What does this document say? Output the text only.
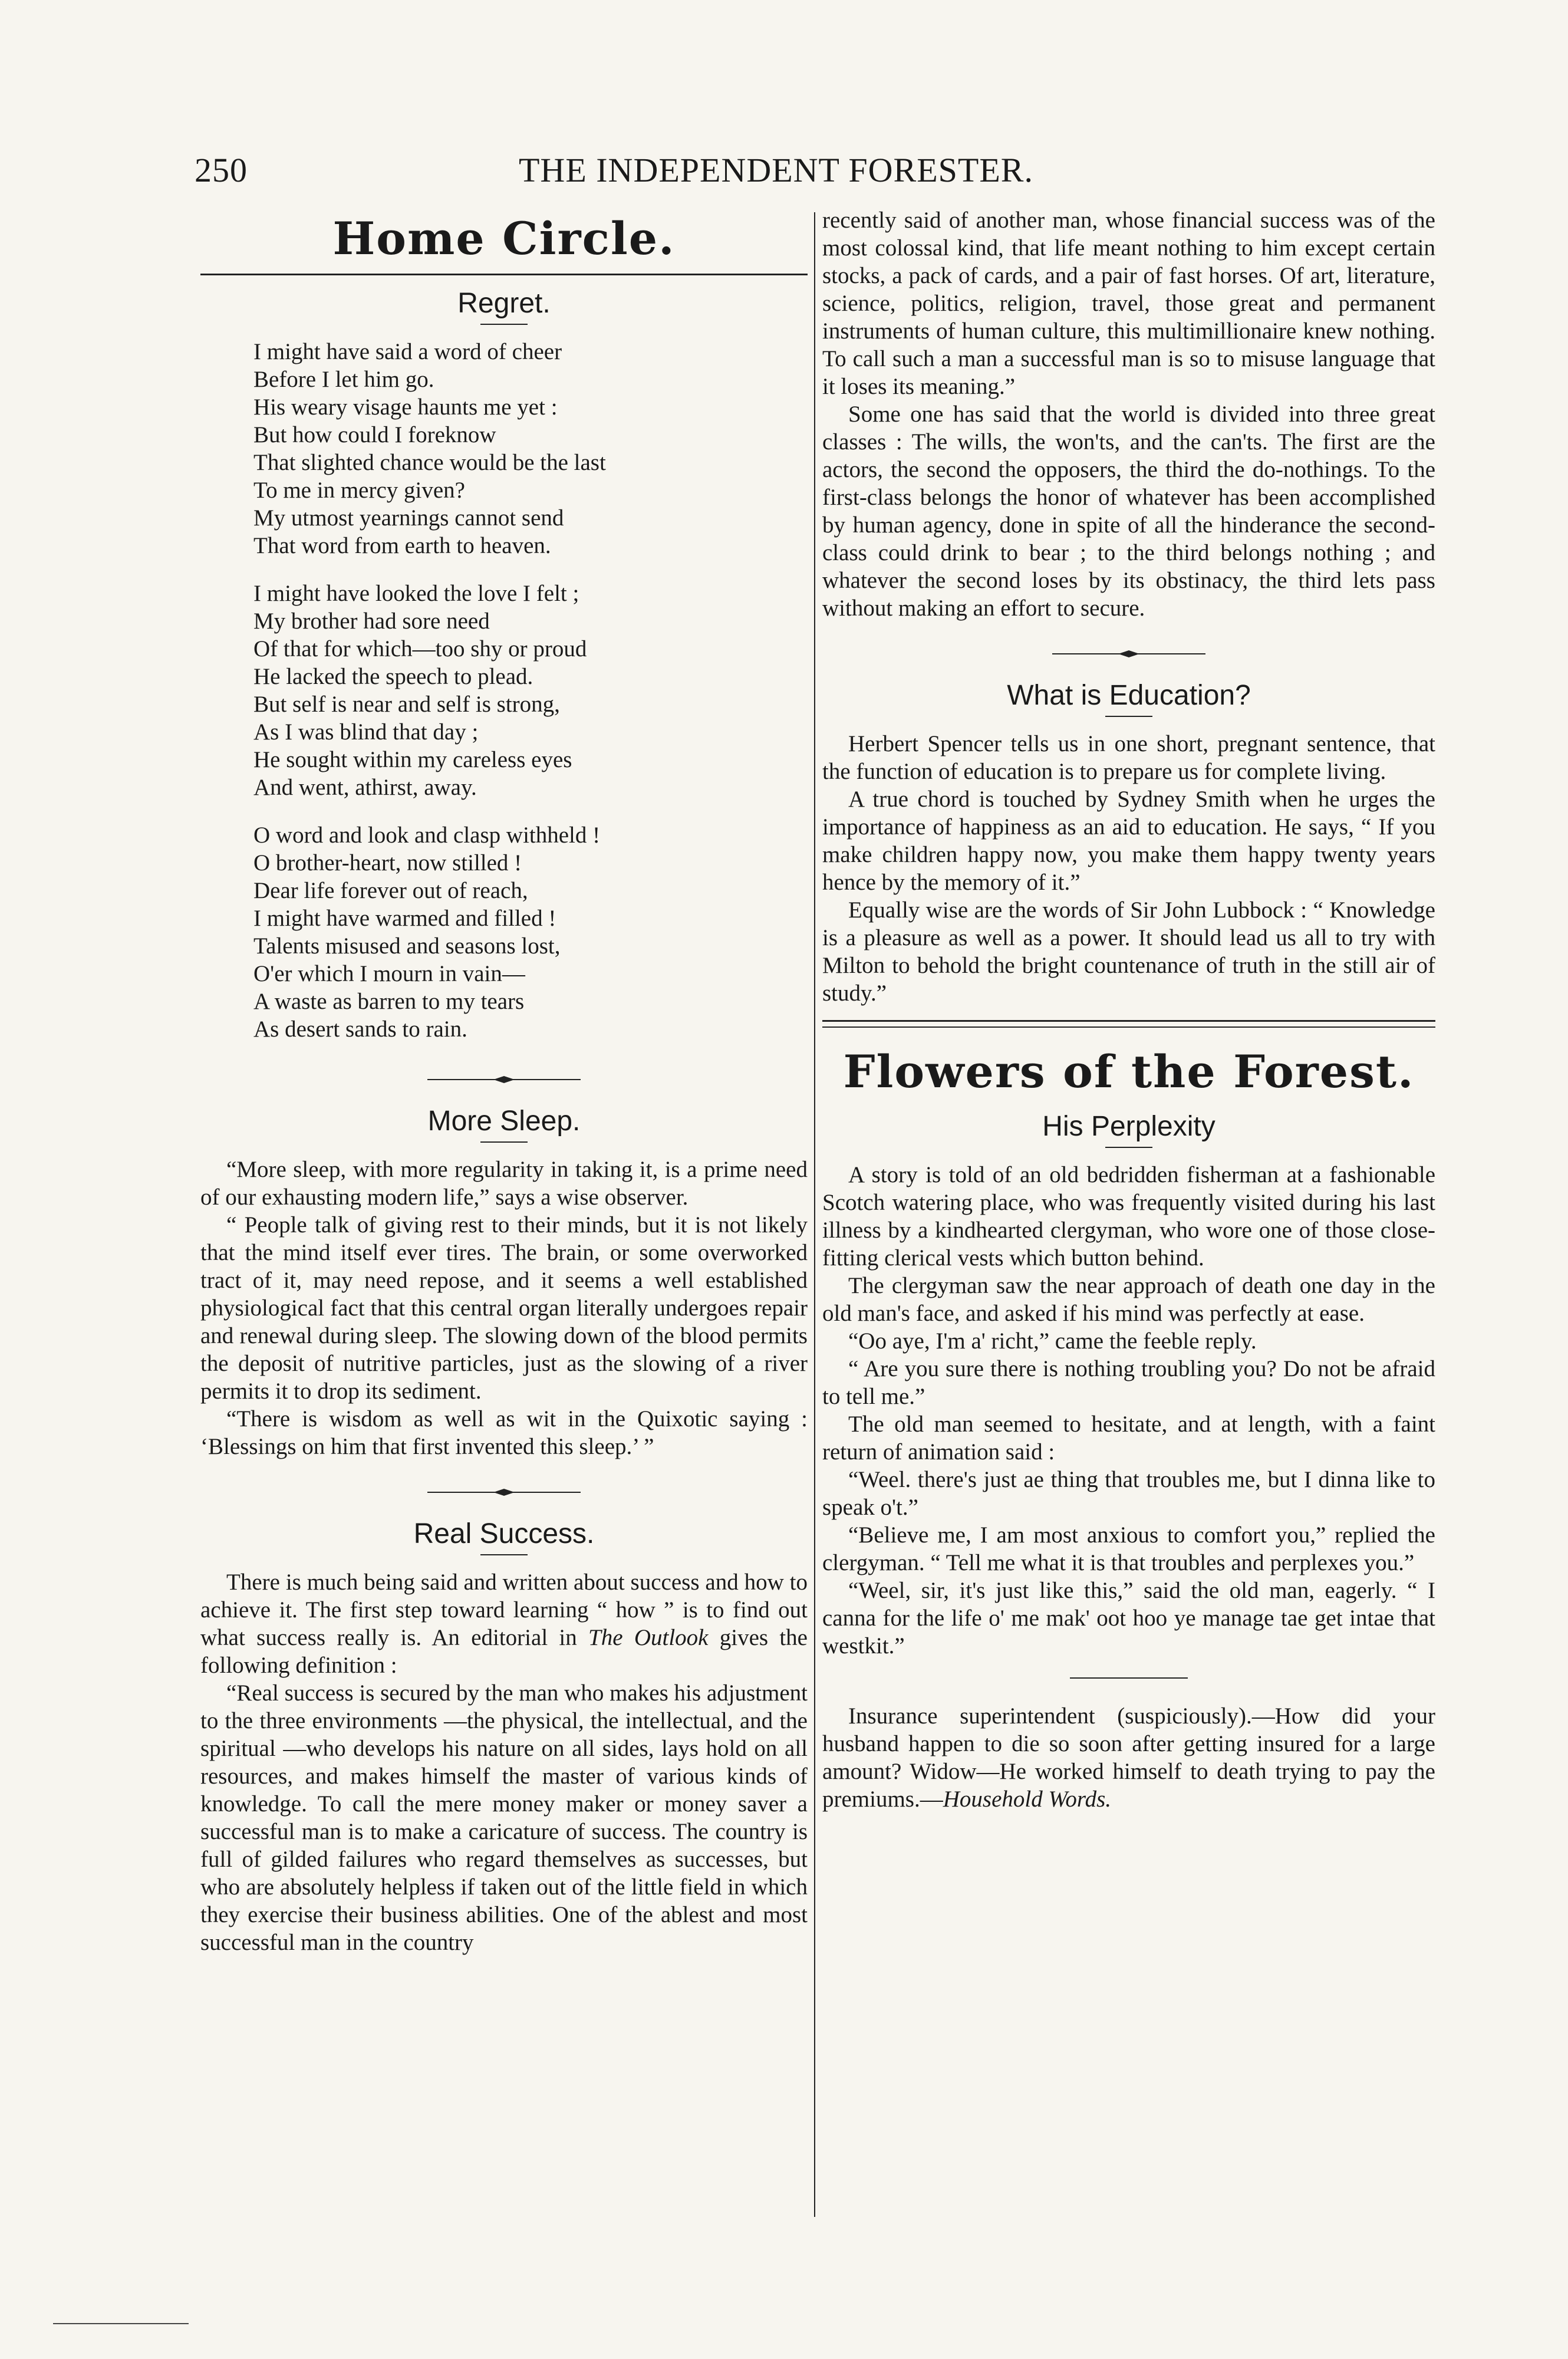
250	THE INDEPENDENT FORESTER.
Home Circle.
Regret.
I might have said a word of cheer
Before I let him go.
His weary visage haunts me yet :
But how could I foreknow
That slighted chance would be the last
To me in mercy given?
My utmost yearnings cannot send
That word from earth to heaven.
I might have looked the love I felt ;
My brother had sore need
Of that for which—too shy or proud
He lacked the speech to plead.
But self is near and self is strong,
As I was blind that day ;
He sought within my careless eyes
And went, athirst, away.
O word and look and clasp withheld !
O brother-heart, now stilled !
Dear life forever out of reach,
I might have warmed and filled !
Talents misused and seasons lost,
O'er which I mourn in vain—
A waste as barren to my tears
As desert sands to rain.
More Sleep.

“More sleep, with more regularity in taking it, is a prime need of our exhausting modern life,” says a wise observer.

“ People talk of giving rest to their minds, but it is not likely that the mind itself ever tires. The brain, or some overworked tract of it, may need repose, and it seems a well established physiological fact that this central organ literally undergoes repair and renewal during sleep. The slowing down of the blood permits the deposit of nutritive particles, just as the slowing of a river permits it to drop its sediment.

“There is wisdom as well as wit in the Quixotic saying : ‘Blessings on him that first invented this sleep.’ ”

Real Success.

There is much being said and written about success and how to achieve it. The first step toward learning “ how ” is to find out what success really is. An editorial in The Outlook gives the following definition :

“Real success is secured by the man who makes his adjustment to the three environments —the physical, the intellectual, and the spiritual —who develops his nature on all sides, lays hold on all resources, and makes himself the master of various kinds of knowledge. To call the mere money maker or money saver a successful man is to make a caricature of success. The country is full of gilded failures who regard themselves as successes, but who are absolutely helpless if taken out of the little field in which they exercise their business abilities. One of the ablest and most successful man in the country

recently said of another man, whose financial success was of the most colossal kind, that life meant nothing to him except certain stocks, a pack of cards, and a pair of fast horses. Of art, literature, science, politics, religion, travel, those great and permanent instruments of human culture, this multimillionaire knew nothing. To call such a man a successful man is so to misuse language that it loses its meaning.”

Some one has said that the world is divided into three great classes : The wills, the won'ts, and the can'ts. The first are the actors, the second the opposers, the third the do-nothings. To the first-class belongs the honor of whatever has been accomplished by human agency, done in spite of all the hinderance the second-class could drink to bear ; to the third belongs nothing ; and whatever the second loses by its obstinacy, the third lets pass without making an effort to secure.

What is Education?

Herbert Spencer tells us in one short, pregnant sentence, that the function of education is to prepare us for complete living.

A true chord is touched by Sydney Smith when he urges the importance of happiness as an aid to education. He says, “ If you make children happy now, you make them happy twenty years hence by the memory of it.”

Equally wise are the words of Sir John Lubbock : “ Knowledge is a pleasure as well as a power. It should lead us all to try with Milton to behold the bright countenance of truth in the still air of study.”

Flowers of the Forest.
His Perplexity

A story is told of an old bedridden fisherman at a fashionable Scotch watering place, who was frequently visited during his last illness by a kindhearted clergyman, who wore one of those close-fitting clerical vests which button behind.

The clergyman saw the near approach of death one day in the old man's face, and asked if his mind was perfectly at ease.

“Oo aye, I'm a' richt,” came the feeble reply.

“ Are you sure there is nothing troubling you? Do not be afraid to tell me.”

The old man seemed to hesitate, and at length, with a faint return of animation said :

“Weel. there's just ae thing that troubles me, but I dinna like to speak o't.”

“Believe me, I am most anxious to comfort you,” replied the clergyman. “ Tell me what it is that troubles and perplexes you.”

“Weel, sir, it's just like this,” said the old man, eagerly. “ I canna for the life o' me mak' oot hoo ye manage tae get intae that westkit.”

Insurance superintendent (suspiciously).—How did your husband happen to die so soon after getting insured for a large amount? Widow—He worked himself to death trying to pay the premiums.—Household Words.
